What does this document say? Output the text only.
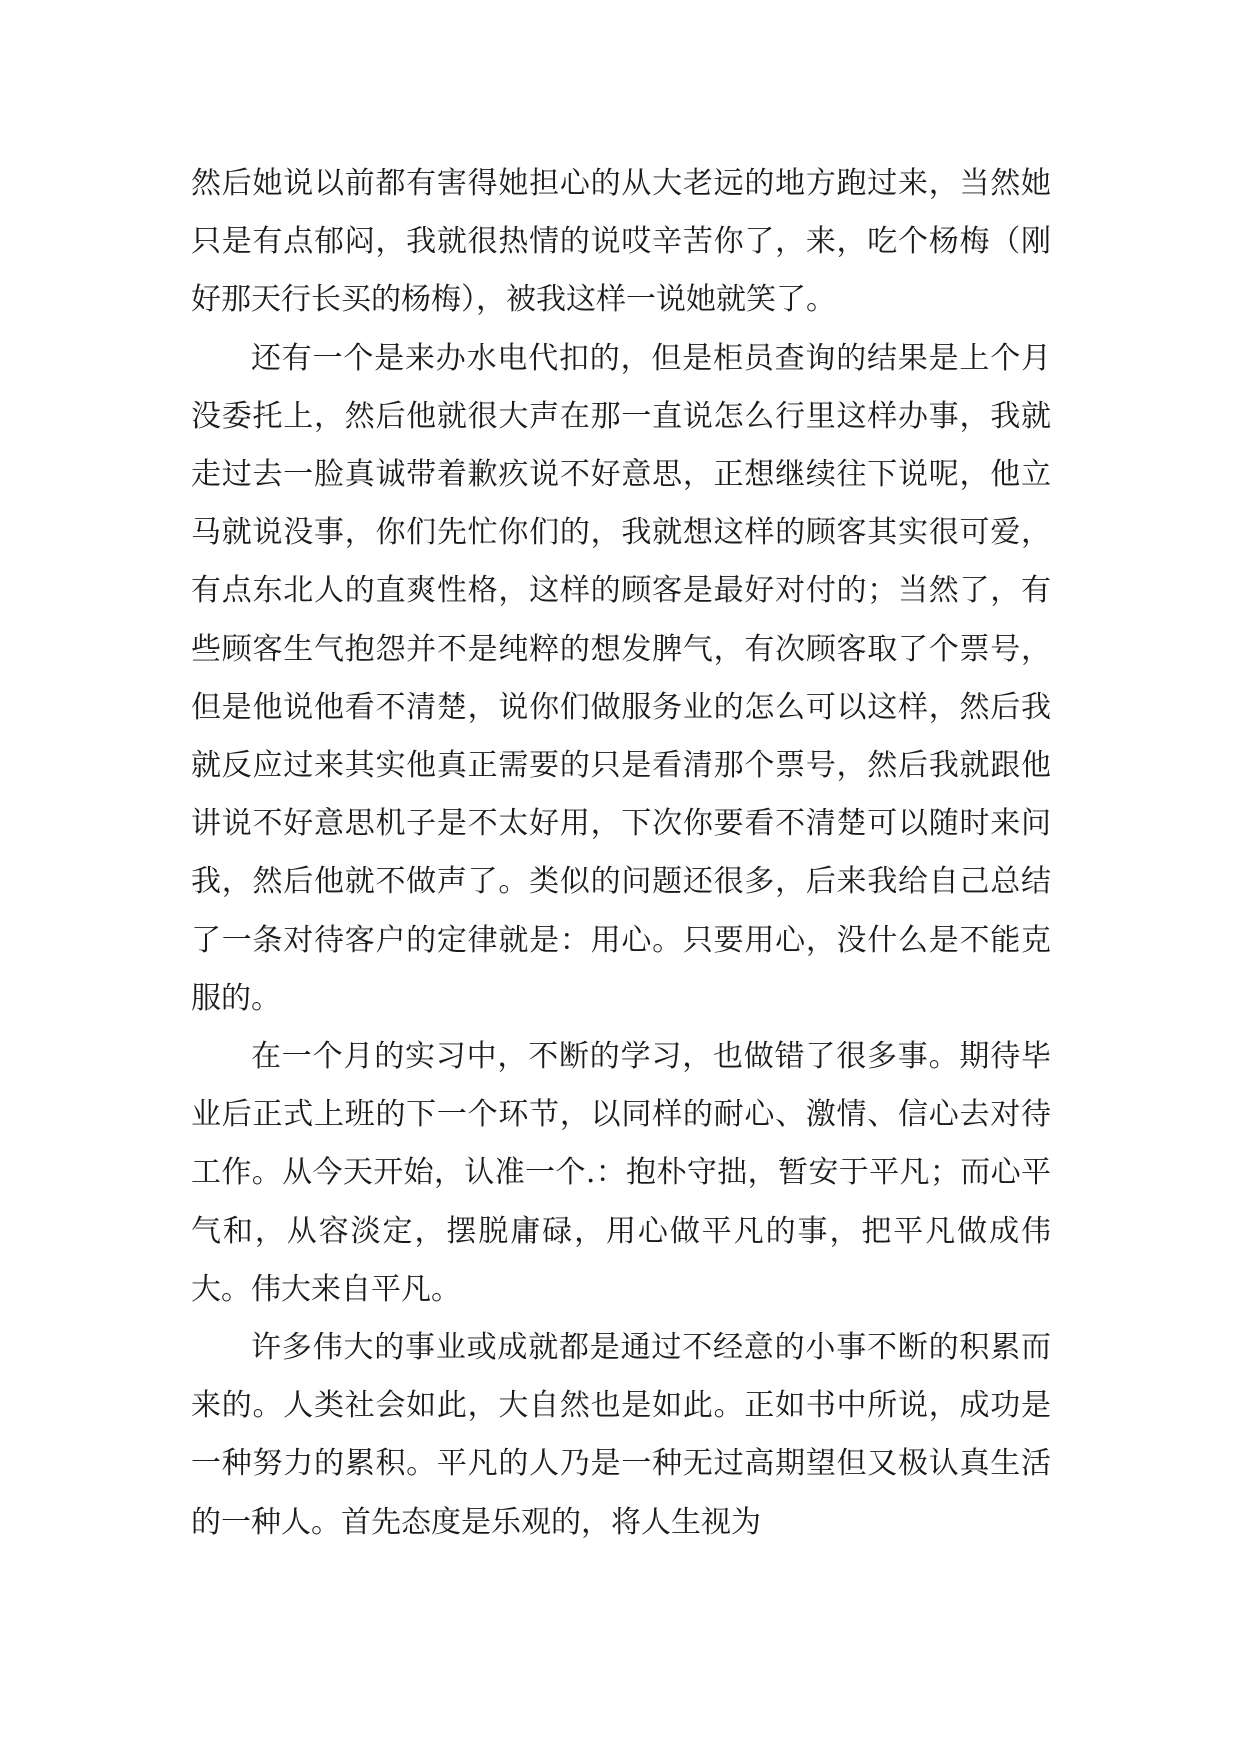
然后她说以前都有害得她担心的从大老远的地方跑过来，当然她只是有点郁闷，我就很热情的说哎辛苦你了，来，吃个杨梅（刚好那天行长买的杨梅），被我这样一说她就笑了。

还有一个是来办水电代扣的，但是柜员查询的结果是上个月没委托上，然后他就很大声在那一直说怎么行里这样办事，我就走过去一脸真诚带着歉疚说不好意思，正想继续往下说呢，他立马就说没事，你们先忙你们的，我就想这样的顾客其实很可爱，有点东北人的直爽性格，这样的顾客是最好对付的；当然了，有些顾客生气抱怨并不是纯粹的想发脾气，有次顾客取了个票号，但是他说他看不清楚，说你们做服务业的怎么可以这样，然后我就反应过来其实他真正需要的只是看清那个票号，然后我就跟他讲说不好意思机子是不太好用，下次你要看不清楚可以随时来问我，然后他就不做声了。类似的问题还很多，后来我给自己总结了一条对待客户的定律就是：用心。只要用心，没什么是不能克服的。

在一个月的实习中，不断的学习，也做错了很多事。期待毕业后正式上班的下一个环节，以同样的耐心、激情、信心去对待工作。从今天开始，认准一个.：抱朴守拙，暂安于平凡；而心平气和，从容淡定，摆脱庸碌，用心做平凡的事，把平凡做成伟大。伟大来自平凡。

许多伟大的事业或成就都是通过不经意的小事不断的积累而来的。人类社会如此，大自然也是如此。正如书中所说，成功是一种努力的累积。平凡的人乃是一种无过高期望但又极认真生活的一种人。首先态度是乐观的，将人生视为
